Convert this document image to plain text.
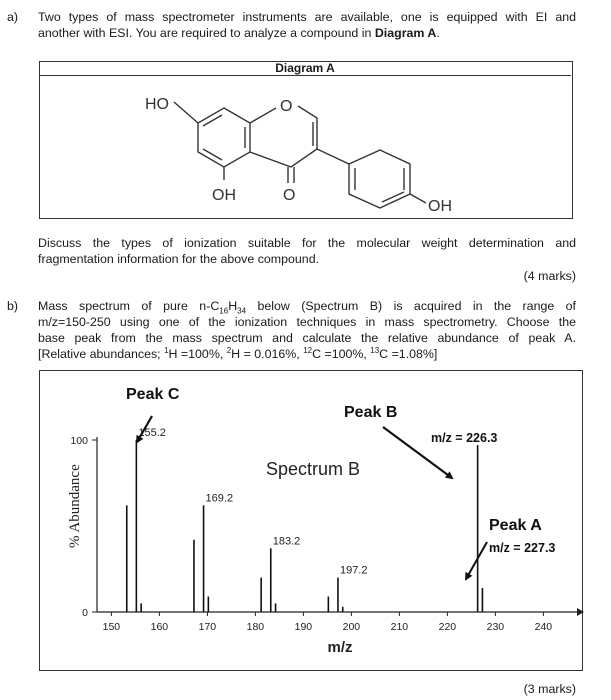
a) Two types of mass spectrometer instruments are available, one is equipped with EI and
another with ESI. You are required to analyze a compound in Diagram A.
Diagram A
HO	O
OH	O
OH
Discuss the types of ionization suitable for the molecular weight determination and
fragmentation information for the above compound.
(4 marks)
b) Mass spectrum of pure $n-C_{16}H_{34}$ below (Spectrum B) is acquired in the range of
m/z=150-250 using one of the ionization techniques in mass spectrometry. Choose the
base peak from the mass spectrum and calculate the relative abundance of peak A.
[Relative abundances; $^1$H =100%, $^2$H = 0.016%, $^{12}$C =100%, $^{13}$C =1.08%]
150	160	170	180	190	200	210	220	230	240
0
100
155.2
169.2
183.2
197.2
% Abundance
m/z
Spectrum B
Peak C
Peak B
m/z = 226.3
Peak A
m/z = 227.3
(3 marks)
